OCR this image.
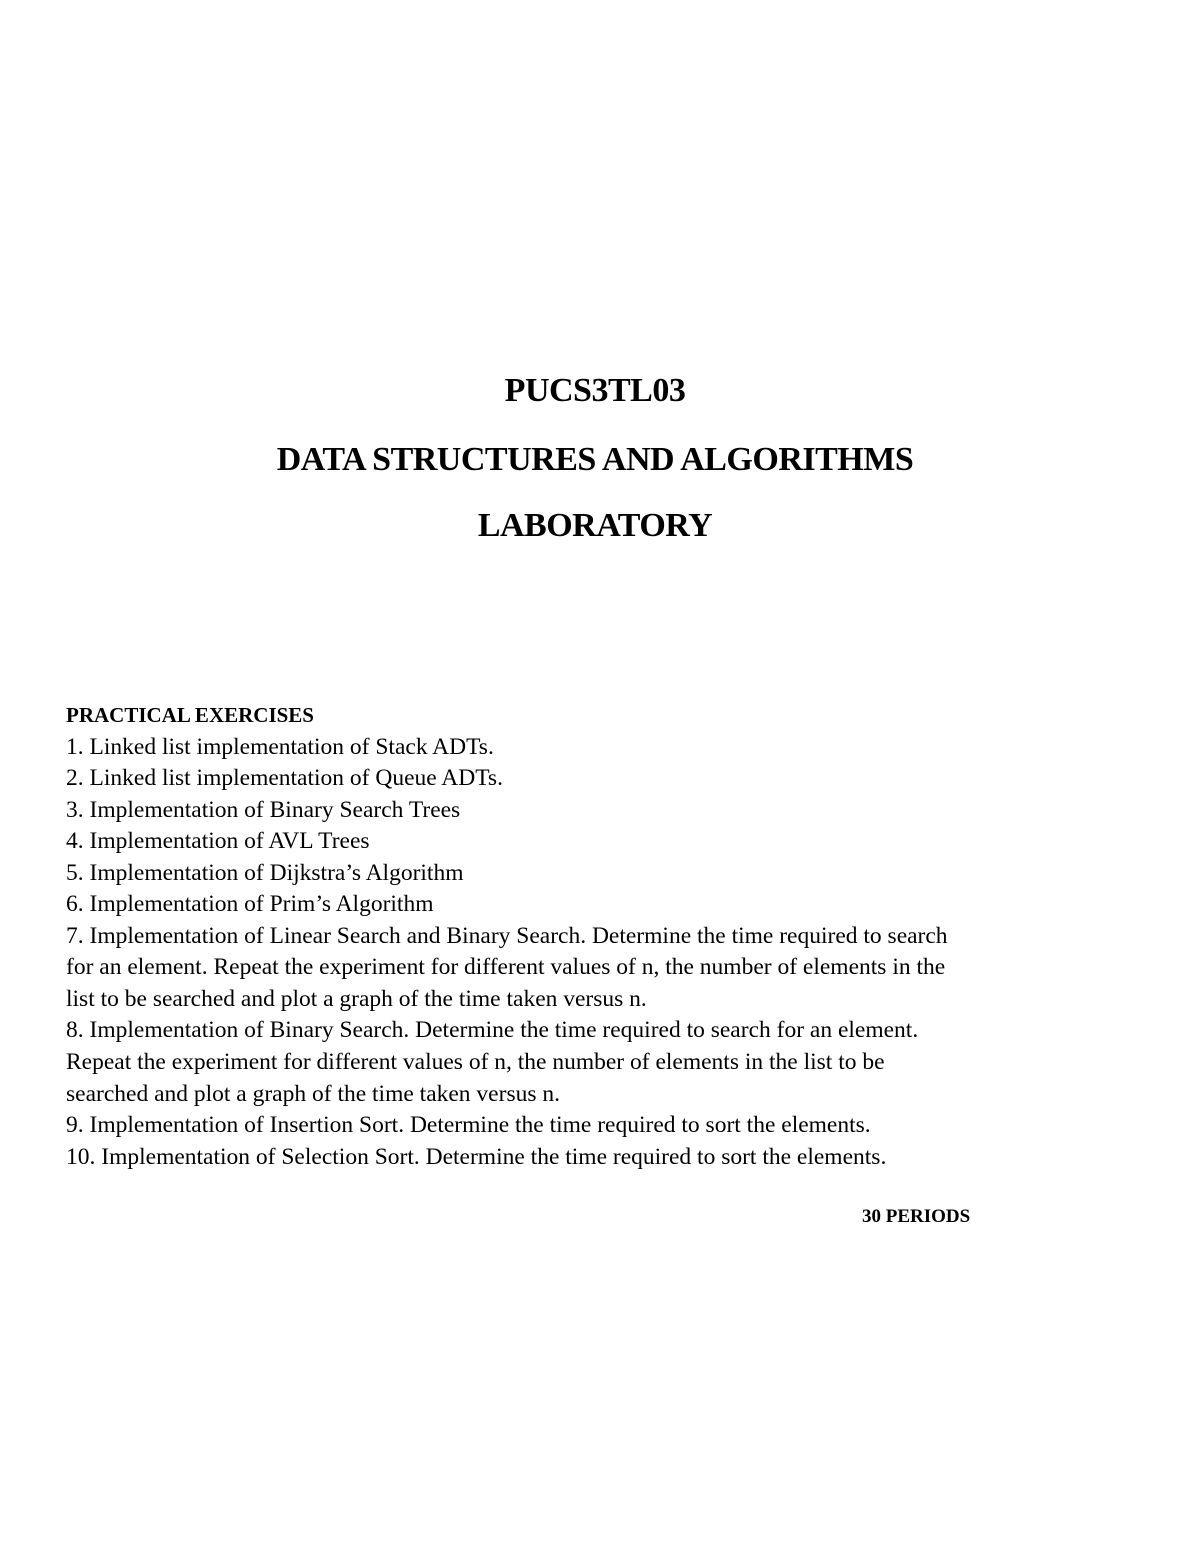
PUCS3TL03
DATA STRUCTURES AND ALGORITHMS
LABORATORY
PRACTICAL EXERCISES
1. Linked list implementation of Stack ADTs.
2. Linked list implementation of Queue ADTs.
3. Implementation of Binary Search Trees
4. Implementation of AVL Trees
5. Implementation of Dijkstra’s Algorithm
6. Implementation of Prim’s Algorithm
7. Implementation of Linear Search and Binary Search. Determine the time required to search
for an element. Repeat the experiment for different values of n, the number of elements in the
list to be searched and plot a graph of the time taken versus n.
8. Implementation of Binary Search. Determine the time required to search for an element.
Repeat the experiment for different values of n, the number of elements in the list to be
searched and plot a graph of the time taken versus n.
9. Implementation of Insertion Sort. Determine the time required to sort the elements.
10. Implementation of Selection Sort. Determine the time required to sort the elements.
30 PERIODS
